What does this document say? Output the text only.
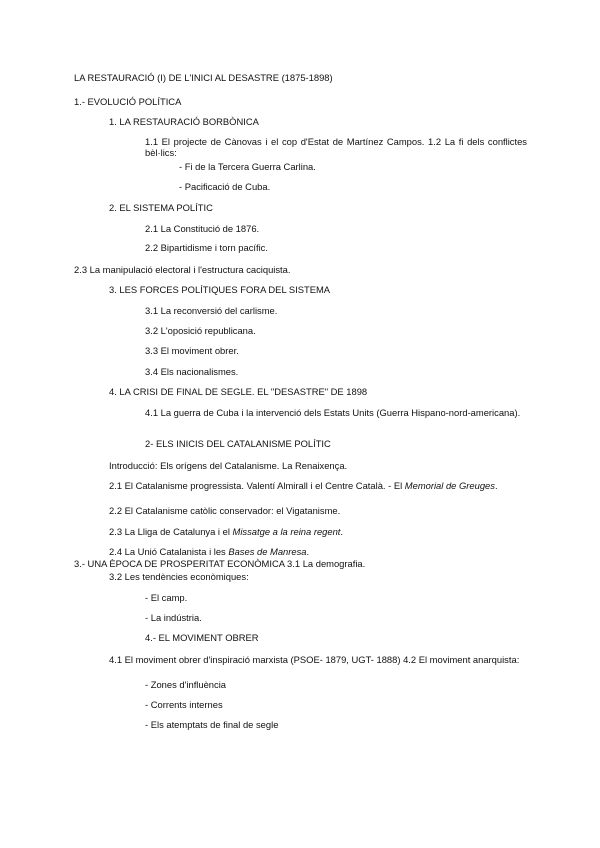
LA RESTAURACIÓ (I) DE L'INICI AL DESASTRE (1875-1898)
1.- EVOLUCIÓ POLÍTICA
1. LA RESTAURACIÓ BORBÒNICA
1.1 El projecte de Cànovas i el cop d'Estat de Martínez Campos. 1.2 La fi dels conflictes bèl·lics:
- Fi de la Tercera Guerra Carlina.
- Pacificació de Cuba.
2. EL SISTEMA POLÍTIC
2.1 La Constitució de 1876.
2.2 Bipartidisme i torn pacífic.
2.3 La manipulació electoral i l'estructura caciquista.
3. LES FORCES POLÍTIQUES FORA DEL SISTEMA
3.1 La reconversió del carlisme.
3.2 L'oposició republicana.
3.3 El moviment obrer.
3.4 Els nacionalismes.
4. LA CRISI DE FINAL DE SEGLE. EL "DESASTRE" DE 1898
4.1 La guerra de Cuba i la intervenció dels Estats Units (Guerra Hispano-nord-americana).
2- ELS INICIS DEL CATALANISME POLÍTIC
Introducció: Els orígens del Catalanisme. La Renaixença.
2.1 El Catalanisme progressista. Valentí Almirall i el Centre Català. - El Memorial de Greuges.
2.2 El Catalanisme catòlic conservador: el Vigatanisme.
2.3 La Lliga de Catalunya i el Missatge a la reina regent.
2.4 La Unió Catalanista i les Bases de Manresa.
3.- UNA ÈPOCA DE PROSPERITAT ECONÒMICA 3.1 La demografia.
3.2 Les tendències econòmiques:
- El camp.
- La indústria.
4.- EL MOVIMENT OBRER
4.1 El moviment obrer d'inspiració marxista (PSOE- 1879, UGT- 1888) 4.2 El moviment anarquista:
- Zones d'influència
- Corrents internes
- Els atemptats de final de segle
